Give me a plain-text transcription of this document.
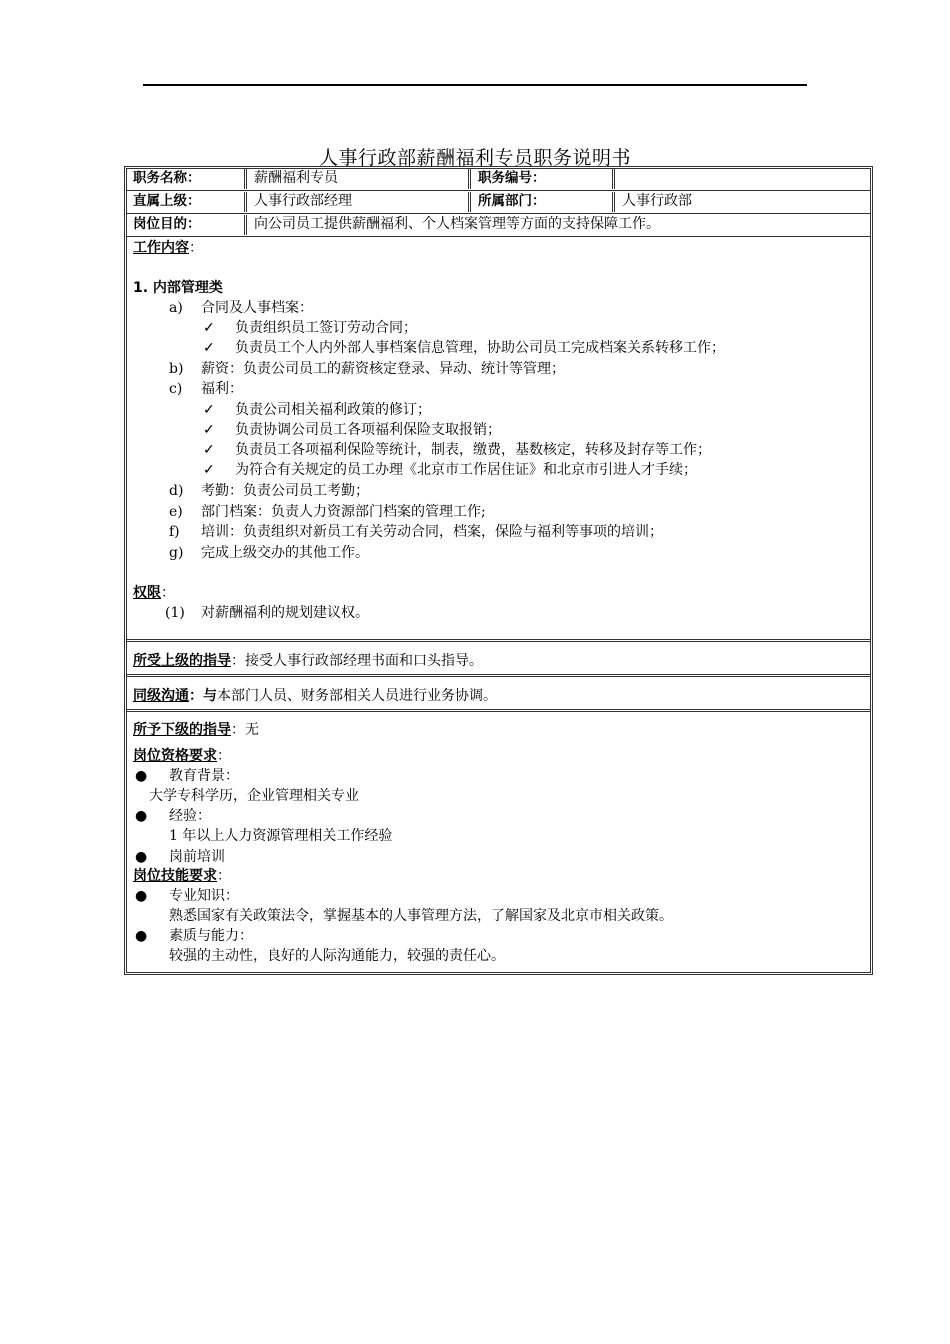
人事行政部薪酬福利专员职务说明书
职务名称：	薪酬福利专员	职务编号：
直属上级：	人事行政部经理	所属部门：	人事行政部
岗位目的：	向公司员工提供薪酬福利、个人档案管理等方面的支持保障工作。
工作内容：
1. 内部管理类
a) 合同及人事档案：
✓ 负责组织员工签订劳动合同；
✓ 负责员工个人内外部人事档案信息管理，协助公司员工完成档案关系转移工作；
b) 薪资：负责公司员工的薪资核定登录、异动、统计等管理；
c) 福利：
✓ 负责公司相关福利政策的修订；
✓ 负责协调公司员工各项福利保险支取报销；
✓ 负责员工各项福利保险等统计，制表，缴费，基数核定，转移及封存等工作；
✓ 为符合有关规定的员工办理《北京市工作居住证》和北京市引进人才手续；
d) 考勤：负责公司员工考勤；
e) 部门档案：负责人力资源部门档案的管理工作;
f) 培训：负责组织对新员工有关劳动合同，档案，保险与福利等事项的培训；
g) 完成上级交办的其他工作。
权限：
(1) 对薪酬福利的规划建议权。
所受上级的指导：接受人事行政部经理书面和口头指导。
同级沟通：与本部门人员、财务部相关人员进行业务协调。
所予下级的指导：无
岗位资格要求：
● 教育背景：
大学专科学历，企业管理相关专业
● 经验：
1 年以上人力资源管理相关工作经验
● 岗前培训
岗位技能要求：
● 专业知识：
熟悉国家有关政策法令，掌握基本的人事管理方法，了解国家及北京市相关政策。
● 素质与能力：
较强的主动性，良好的人际沟通能力，较强的责任心。
